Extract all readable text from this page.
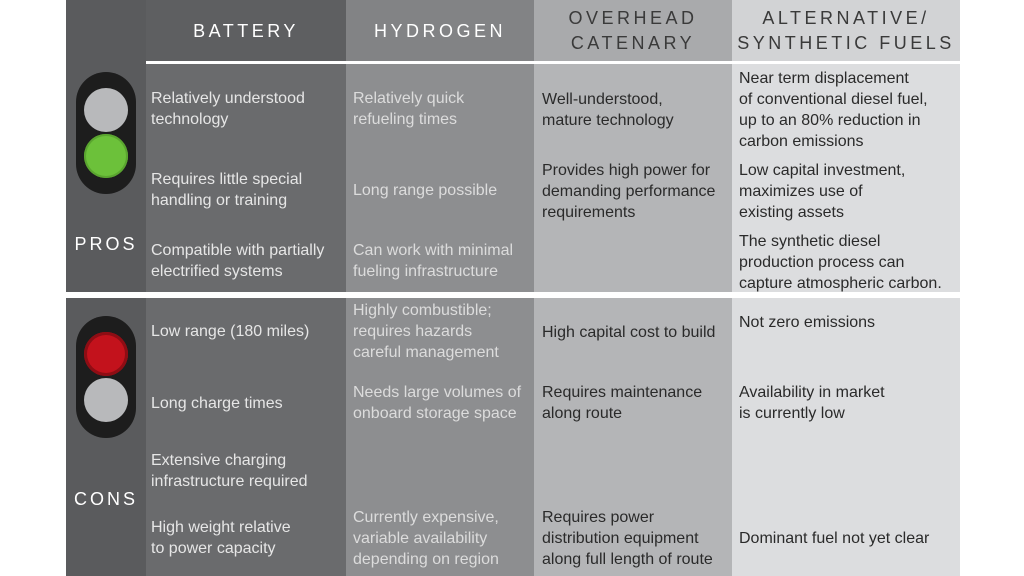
BATTERY	HYDROGEN
OVERHEAD
CATENARY
ALTERNATIVE/
SYNTHETIC FUELS
PROS
CONS
Relatively understood
technology
Requires little special
handling or training
Compatible with partially
electrified systems
Relatively quick
refueling times
Long range possible
Can work with minimal
fueling infrastructure
Well-understood,
mature technology
Provides high power for
demanding performance
requirements
Near term displacement
of conventional diesel fuel,
up to an 80% reduction in
carbon emissions
Low capital investment,
maximizes use of
existing assets
The synthetic diesel
production process can
capture atmospheric carbon.
Low range (180 miles)
Long charge times
Extensive charging
infrastructure required
High weight relative
to power capacity
Highly combustible;
requires hazards
careful management
Needs large volumes of
onboard storage space
Currently expensive,
variable availability
depending on region
High capital cost to build
Requires maintenance
along route
Requires power
distribution equipment
along full length of route
Not zero emissions
Availability in market
is currently low
Dominant fuel not yet clear
